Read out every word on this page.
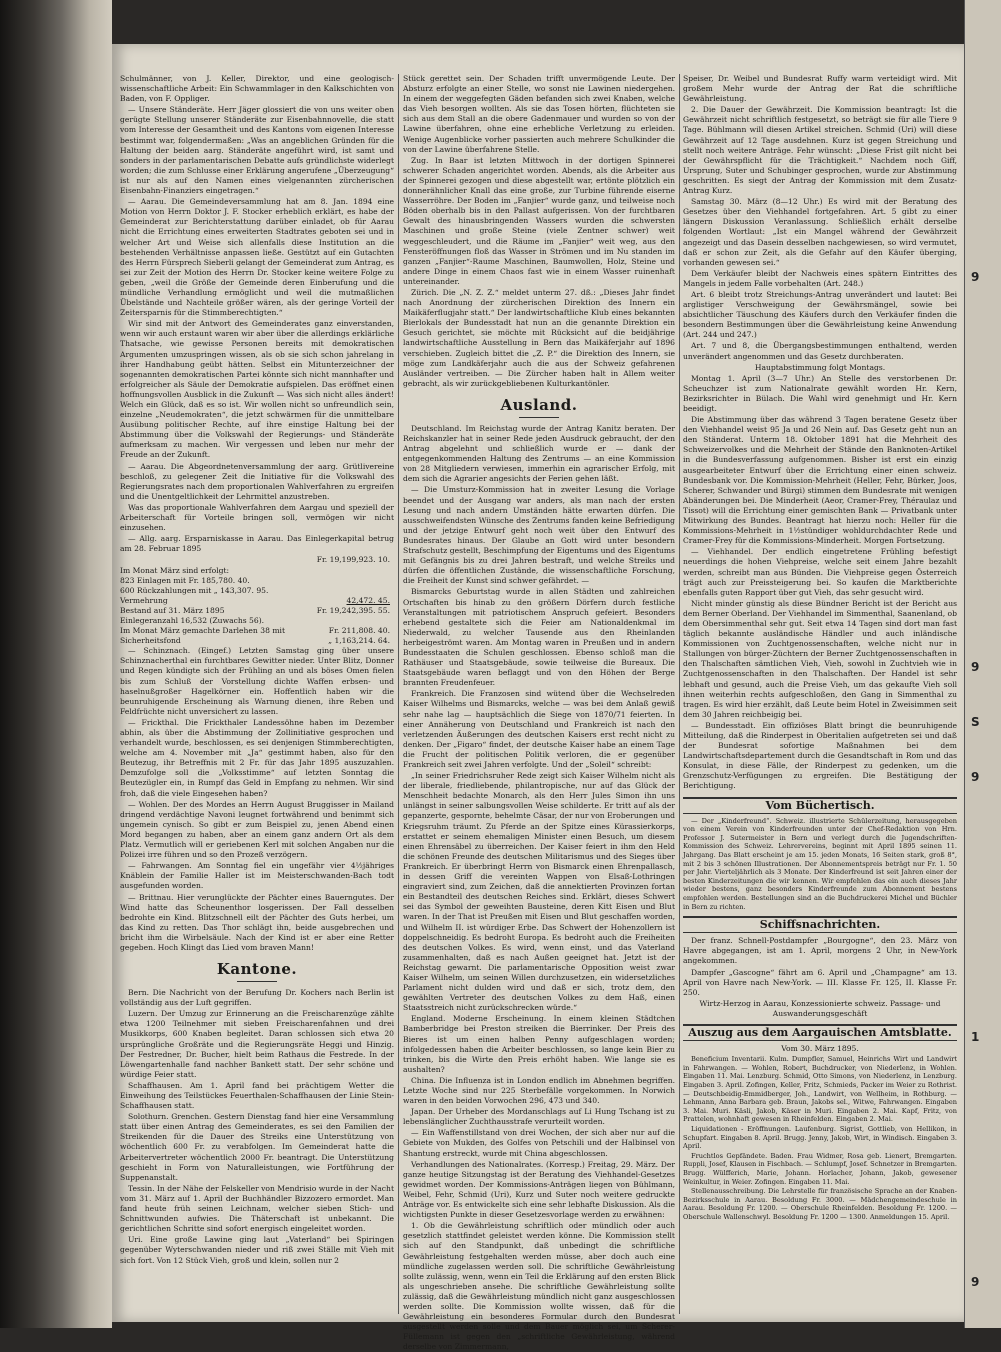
Schulmänner, von J. Keller, Direktor, und eine geologisch-wissenschaftliche Arbeit: Ein Schwammlager in den Kalkschichten von Baden, von F. Oppliger.

— Unsere Ständeräte. Herr Jäger glossiert die von uns weiter oben gerügte Stellung unserer Ständeräte zur Eisenbahnnovelle, die statt vom Interesse der Gesamtheit und des Kantons vom eigenen Interesse bestimmt war, folgendermaßen: „Was an angeblichen Gründen für die Haltung der beiden aarg. Ständeräte angeführt wird, ist samt und sonders in der parlamentarischen Debatte aufs gründlichste widerlegt worden; die zum Schlusse einer Erklärung angerufene „Überzeugung“ ist nur als auf den Namen eines vielgenannten zürcherischen Eisenbahn-Finanziers eingetragen.“

— Aarau. Die Gemeindeversammlung hat am 8. Jan. 1894 eine Motion von Herrn Doktor J. F. Stocker erheblich erklärt, es habe der Gemeinderat zur Berichterstattung darüber einladet, ob für Aarau nicht die Errichtung eines erweiterten Stadtrates geboten sei und in welcher Art und Weise sich allenfalls diese Institution an die bestehenden Verhältnisse anpassen ließe. Gestützt auf ein Gutachten des Herrn Fürsprech Sieberli gelangt der Gemeinderat zum Antrag, es sei zur Zeit der Motion des Herrn Dr. Stocker keine weitere Folge zu geben, „weil die Größe der Gemeinde deren Einberufung und die mündliche Verhandlung ermöglicht und weil die mutmaßlichen Übelstände und Nachteile größer wären, als der geringe Vorteil der Zeitersparnis für die Stimmberechtigten.“

Wir sind mit der Antwort des Gemeinderates ganz einverstanden, wenn wir auch erstaunt waren wir aber über die allerdings erklärliche Thatsache, wie gewisse Personen bereits mit demokratischen Argumenten umzuspringen wissen, als ob sie sich schon jahrelang in ihrer Handhabung geübt hätten. Selbst ein Mitunterzeichner der sogenannten demokratischen Partei könnte sich nicht mannhafter und erfolgreicher als Säule der Demokratie aufspielen. Das eröffnet einen hoffnungsvollen Ausblick in die Zukunft — Was sich nicht alles ändert! Welch ein Glück, daß es so ist. Wir wollen nicht so unfreundlich sein, einzelne „Neudemokraten“, die jetzt schwärmen für die unmittelbare Ausübung politischer Rechte, auf ihre einstige Haltung bei der Abstimmung über die Volkswahl der Regierungs- und Ständeräte aufmerksam zu machen. Wir vergessen und leben nur mehr der Freude an der Zukunft.

— Aarau. Die Abgeordnetenversammlung der aarg. Grütlivereine beschloß, zu gelegener Zeit die Initiative für die Volkswahl des Regierungsrates nach dem proportionalen Wahlverfahren zu ergreifen und die Unentgeltlichkeit der Lehrmittel anzustreben.

Was das proportionale Wahlverfahren dem Aargau und speziell der Arbeiterschaft für Vorteile bringen soll, vermögen wir nicht einzusehen.

— Allg. aarg. Ersparniskasse in Aarau. Das Einlegerkapital betrug am 28. Februar 1895

Fr. 19,199,923. 10.
Im Monat März sind erfolgt:
823 Einlagen mit Fr. 185,780. 40.
600 Rückzahlungen mit „ 143,307. 95.
Vermehrung	42,472. 45.
Bestand auf 31. März 1895	Fr. 19,242,395. 55.
Einlegeranzahl 16,532 (Zuwachs 56).
Im Monat März gemachte Darlehen 38 mit	Fr. 211,808. 40.
Sicherheitsfond	„ 1,163,214. 64.

— Schinznach. (Eingef.) Letzten Samstag ging über unsere Schinznacherthal ein furchtbares Gewitter nieder. Unter Blitz, Donner und Regen kündigte sich der Frühling an und als böses Omen fielen bis zum Schluß der Vorstellung dichte Waffen erbsen- und haselnußgroßer Hagelkörner ein. Hoffentlich haben wir die beunruhigende Erscheinung als Warnung dienen, ihre Reben und Feldfrüchte nicht unversichert zu lassen.

— Frickthal. Die Frickthaler Landessöhne haben im Dezember abhin, als über die Abstimmung der Zollinitiative gesprochen und verhandelt wurde, beschlossen, es sei denjenigen Stimmberechtigten, welche am 4. November mit „Ja“ gestimmt haben, also für den Beutezug, ihr Betreffnis mit 2 Fr. für das Jahr 1895 auszuzahlen. Demzufolge soll die „Volksstimme“ auf letzten Sonntag die Beutezügler ein, in Rumpf das Geld in Empfang zu nehmen. Wir sind froh, daß die viele Eingesehen haben?

— Wohlen. Der des Mordes an Herrn August Bruggisser in Mailand dringend verdächtige Navoni leugnet fortwährend und benimmt sich ungemein cynisch. So gibt er zum Beispiel zu, jenen Abend einen Mord begangen zu haben, aber an einem ganz andern Ort als dem Platz. Vermutlich will er geriebenen Kerl mit solchen Angaben nur die Polizei irre führen und so den Prozeß verzögern.

— Fahrwangen. Am Sonntag fiel ein ungefähr vier 4½jähriges Knäblein der Familie Haller ist im Meisterschwanden-Bach todt ausgefunden worden.

— Brittnau. Hier verunglückte der Pächter eines Bauerngutes. Der Wind hatte das Scheunenthor losgerissen. Der Fall desselben bedrohte ein Kind. Blitzschnell eilt der Pächter des Guts herbei, um das Kind zu retten. Das Thor schlägt ihn, beide ausgebrechen und bricht ihm die Wirbelsäule. Nach der Kind ist er aber eine Retter gegeben. Hoch Klingt das Lied vom braven Mann!

Kantone.

Bern. Die Nachricht von der Berufung Dr. Kochers nach Berlin ist vollständig aus der Luft gegriffen.

Luzern. Der Umzug zur Erinnerung an die Freischarenzüge zählte etwa 1200 Teilnehmer mit sieben Freischarenfahnen und drei Musikkorps, 600 Knaben begleitet. Daran schlossen sich etwa 20 ursprüngliche Großräte und die Regierungsräte Heggi und Hinzig. Der Festredner, Dr. Bucher, hielt beim Rathaus die Festrede. In der Löwengartenhalle fand nachher Bankett statt. Der sehr schöne und würdige Feier statt.

Schaffhausen. Am 1. April fand bei prächtigem Wetter die Einweihung des Teilstückes Feuerthalen-Schaffhausen der Linie Stein-Schaffhausen statt.

Solothurn. Grenchen. Gestern Dienstag fand hier eine Versammlung statt über einen Antrag des Gemeinderates, es sei den Familien der Streikenden für die Dauer des Streiks eine Unterstützung von wöchentlich 600 Fr. zu verabfolgen. Im Gemeinderat hatte die Arbeitervertreter wöchentlich 2000 Fr. beantragt. Die Unterstützung geschieht in Form von Naturalleistungen, wie Fortführung der Suppenanstalt.

Tessin. In der Nähe der Felskeller von Mendrisio wurde in der Nacht vom 31. März auf 1. April der Buchhändler Bizzozero ermordet. Man fand heute früh seinen Leichnam, welcher sieben Stich- und Schnittwunden aufwies. Die Thäterschaft ist unbekannt. Die gerichtlichen Schritte sind sofort energisch eingeleitet worden.

Uri. Eine große Lawine ging laut „Vaterland“ bei Spiringen gegenüber Wyterschwanden nieder und riß zwei Ställe mit Vieh mit sich fort. Von 12 Stück Vieh, groß und klein, sollen nur 2

Stück gerettet sein. Der Schaden trifft unvermögende Leute. Der Absturz erfolgte an einer Stelle, wo sonst nie Lawinen niedergehen. In einem der weggefegten Gäden befanden sich zwei Knaben, welche das Vieh besorgen wollten. Als sie das Tosen hörten, flüchteten sie sich aus dem Stall an die obere Gadenmauer und wurden so von der Lawine überfahren, ohne eine erhebliche Verletzung zu erleiden. Wenige Augenblicke vorher passierten auch mehrere Schulkinder die von der Lawine überfahrene Stelle.

Zug. In Baar ist letzten Mittwoch in der dortigen Spinnerei schwerer Schaden angerichtet worden. Abends, als die Arbeiter aus der Spinnerei gezogen und diese abgestellt war, ertönte plötzlich ein donnerähnlicher Knall das eine große, zur Turbine führende eiserne Wasserröhre. Der Boden im „Fanjier“ wurde ganz, und teilweise noch Böden oberhalb bis in den Pallast aufgerissen. Von der furchtbaren Gewalt des hinausbringenden Wassers wurden die schwersten Maschinen und große Steine (viele Zentner schwer) weit weggeschleudert, und die Räume im „Fanjier“ weit weg, aus den Fensteröffnungen floß das Wasser in Strömen und im Nu standen im ganzen „Fanjier“-Raume Maschinen, Baumwollen, Holz, Steine und andere Dinge in einem Chaos fast wie in einem Wasser ruinenhaft untereinander.

Zürich. Die „N. Z. Z.“ meldet unterm 27. dß.: „Dieses Jahr findet nach Anordnung der zürcherischen Direktion des Innern ein Maikäferflugjahr statt.“ Der landwirtschaftliche Klub eines bekannten Bierlokals der Bundesstadt hat nun an die genannte Direktion ein Gesuch gerichtet, sie möchte mit Rücksicht auf die beidjährige landwirtschaftliche Ausstellung in Bern das Maikäferjahr auf 1896 verschieben. Zugleich bittet die „Z. P.“ die Direktion des Innern, sie möge zum Landkäferjahr auch die aus der Schweiz gefahrenen Ausländer vertreiben. — Die Zürcher haben halt in Allem weiter gebracht, als wir zurückgebliebenen Kulturkantönler.

Ausland.

Deutschland. Im Reichstag wurde der Antrag Kanitz beraten. Der Reichskanzler hat in seiner Rede jeden Ausdruck gebraucht, der den Antrag abgelehnt und schließlich wurde er — dank der entgegenkommenden Haltung des Zentrums — an eine Kommission von 28 Mitgliedern verwiesen, immerhin ein agrarischer Erfolg, mit dem sich die Agrarier angesichts der Ferien gehen läßt.

— Die Umsturz-Kommission hat in zweiter Lesung die Vorlage beendet und der Ausgang war anders, als man nach der ersten Lesung und nach andern Umständen hätte erwarten dürfen. Die ausschweifendsten Wünsche des Zentrums fanden keine Befriedigung und der jetzige Entwurf geht noch weit über den Entwurf des Bundesrates hinaus. Der Glaube an Gott wird unter besondern Strafschutz gestellt, Beschimpfung der Eigentums und des Eigentums mit Gefängnis bis zu drei Jahren bestraft, und welche Streiks und dürfen die öffentlichen Zustände, die wissenschaftliche Forschung, die Freiheit der Kunst sind schwer gefährdet. —

Bismarcks Geburtstag wurde in allen Städten und zahlreichen Ortschaften bis hinab zu den größern Dörfern durch festliche Veranstaltungen mit patriotischem Anspruch gefeiert. Besonders erhebend gestaltete sich die Feier am Nationaldenkmal im Niederwald, zu welcher Tausende aus den Rheinlanden herbeigeströmt waren. Am Montag waren in Preußen und in andern Bundesstaaten die Schulen geschlossen. Ebenso schloß man die Rathäuser und Staatsgebäude, sowie teilweise die Bureaux. Die Staatsgebäude waren beflaggt und von den Höhen der Berge brannten Freudenfeuer.

Frankreich. Die Franzosen sind wütend über die Wechselreden Kaiser Wilhelms und Bismarcks, welche — was bei dem Anlaß gewiß sehr nahe lag — hauptsächlich die Siege von 1870/71 feierten. In einer Annäherung von Deutschland und Frankreich ist nach den verletzenden Äußerungen des deutschen Kaisers erst recht nicht zu denken. Der „Figaro“ findet, der deutsche Kaiser habe an einem Tage die Frucht der politischen Politik verloren, die er gegenüber Frankreich seit zwei Jahren verfolgte. Und der „Soleil“ schreibt:

„In seiner Friedrichsruher Rede zeigt sich Kaiser Wilhelm nicht als der liberale, friedliebende, philantropische, nur auf das Glück der Menschheit bedachte Monarch, als den Herr Jules Simon ihn uns unlängst in seiner salbungsvollen Weise schilderte. Er tritt auf als der gepanzerte, gespornte, behelmte Cäsar, der nur von Eroberungen und Kriegsruhm träumt. Zu Pferde an der Spitze eines Kürassierkorps, erstattet er seinem ehemaligen Minister einen Besuch, um diesem einen Ehrensäbel zu überreichen. Der Kaiser feiert in ihm den Held die schönen Freunde des deutschen Militarismus und des Sieges über Frankreich. Er überbringt Herrn von Bismarck einen Ehrenpallasch, in dessen Griff die vereinten Wappen von Elsaß-Lothringen eingraviert sind, zum Zeichen, daß die annektierten Provinzen fortan ein Bestandteil des deutschen Reiches sind. Erklärt, dieses Schwert sei das Symbol der geweihten Bausteine, deren Kitt Eisen und Blut waren. In der That ist Preußen mit Eisen und Blut geschaffen worden, und Wilhelm II. ist würdiger Erbe. Das Schwert der Hohenzollern ist doppelschneidig. Es bedroht Europa. Es bedroht auch die Freiheiten des deutschen Volkes. Es wird, wenn einst, und das Vaterland zusammenhalten, daß es nach Außen geeignet hat. Jetzt ist der Reichstag gewarnt. Die parlamentarische Opposition weist zwar Kaiser Wilhelm, um seinen Willen durchzusetzen, ein widersetzliches Parlament nicht dulden wird und daß er sich, trotz dem, den gewählten Vertreter des deutschen Volkes zu dem Haß, einen Staatsstreich nicht zurückschrecken würde.“

England. Moderne Erscheinung. In einem kleinen Städtchen Bamberbridge bei Preston streiken die Bierrinker. Der Preis des Bieres ist um einen halben Penny aufgeschlagen worden; infolgedessen haben die Arbeiter beschlossen, so lange kein Bier zu trinken, bis die Wirte den Preis erhöht haben. Wie lange sie es aushalten?

China. Die Influenza ist in London endlich im Abnehmen begriffen. Letzte Woche sind nur 225 Sterbefälle vorgekommen. In Norwich waren in den beiden Vorwochen 296, 473 und 340.

Japan. Der Urheber des Mordanschlags auf Li Hung Tschang ist zu lebenslänglicher Zuchthausstrafe verurteilt worden.

— Ein Waffenstillstand von drei Wochen, der sich aber nur auf die Gebiete von Mukden, des Golfes von Petschili und der Halbinsel von Shantung erstreckt, wurde mit China abgeschlossen.

Verhandlungen des Nationalrates. (Korresp.) Freitag, 29. März. Der ganze heutige Sitzungstag ist der Beratung des Viehhandel-Gesetzes gewidmet worden. Der Kommissions-Anträgen liegen von Bühlmann, Weibel, Fehr, Schmid (Uri), Kurz und Suter noch weitere gedruckte Anträge vor. Es entwickelte sich eine sehr lebhafte Diskussion. Als die wichtigsten Punkte in dieser Gesetzesvorlage werden zu erwähnen:

1. Ob die Gewährleistung schriftlich oder mündlich oder auch gesetzlich stattfindet geleistet werden könne. Die Kommission stellt sich auf den Standpunkt, daß unbedingt die schriftliche Gewährleistung festgehalten werden müsse, aber doch auch eine mündliche zugelassen werden soll. Die schriftliche Gewährleistung sollte zulässig, wenn, wenn ein Teil die Erklärung auf den ersten Blick als ungeschrieben ansehe. Die schriftliche Gewährleistung sollte zulässig, daß die Gewährleistung mündlich nicht ganz ausgeschlossen werden sollte. Die Kommission wollte wissen, daß für die Gewährleistung ein besonderes Formular durch den Bundesrat ausgestellt werden solle und dem Bauer möglich sei, um Scherer-Füllemann ist gegen den „schriftliche Gewährleistung, während derselbe von Zimmermann,

Speiser, Dr. Weibel und Bundesrat Ruffy warm verteidigt wird. Mit großem Mehr wurde der Antrag der Rat die schriftliche Gewährleistung.

2. Die Dauer der Gewährzeit. Die Kommission beantragt: Ist die Gewährzeit nicht schriftlich festgesetzt, so beträgt sie für alle Tiere 9 Tage. Bühlmann will diesen Artikel streichen. Schmid (Uri) will diese Gewährzeit auf 12 Tage ausdehnen. Kurz ist gegen Streichung und stellt noch weitere Anträge. Fehr wünscht: „Diese Frist gilt nicht bei der Gewährspflicht für die Trächtigkeit.“ Nachdem noch Giff, Ursprung, Suter und Schubinger gesprochen, wurde zur Abstimmung geschritten. Es siegt der Antrag der Kommission mit dem Zusatz-Antrag Kurz.

Samstag 30. März (8—12 Uhr.) Es wird mit der Beratung des Gesetzes über den Viehhandel fortgefahren. Art. 5 gibt zu einer längern Diskussion Veranlassung. Schließlich erhält derselbe folgenden Wortlaut: „Ist ein Mangel während der Gewährzeit angezeigt und das Dasein desselben nachgewiesen, so wird vermutet, daß er schon zur Zeit, als die Gefahr auf den Käufer überging, vorhanden gewesen sei.“

Dem Verkäufer bleibt der Nachweis eines spätern Eintrittes des Mangels in jedem Falle vorbehalten (Art. 248.)

Art. 6 bleibt trotz Streichungs-Antrag unverändert und lautet: Bei arglistiger Verschweigung der Gewährsmängel, sowie bei absichtlicher Täuschung des Käufers durch den Verkäufer finden die besondern Bestimmungen über die Gewährleistung keine Anwendung (Art. 244 und 247.)

Art. 7 und 8, die Übergangsbestimmungen enthaltend, werden unverändert angenommen und das Gesetz durchberaten.

Hauptabstimmung folgt Montags.

Montag 1. April (3—7 Uhr.) An Stelle des verstorbenen Dr. Scheuchzer ist zum Nationalrate gewählt worden Hr. Kern, Bezirksrichter in Bülach. Die Wahl wird genehmigt und Hr. Kern beeidigt.

Die Abstimmung über das während 3 Tagen beratene Gesetz über den Viehhandel weist 95 Ja und 26 Nein auf. Das Gesetz geht nun an den Ständerat. Unterm 18. Oktober 1891 hat die Mehrheit des Schweizervolkes und die Mehrheit der Stände den Banknoten-Artikel in die Bundesverfassung aufgenommen. Bisher ist erst ein einzig ausgearbeiteter Entwurf über die Errichtung einer einen schweiz. Bundesbank vor. Die Kommission-Mehrheit (Heller, Fehr, Bürker, Joos, Scherer, Schwander und Bürgi) stimmen dem Bundesrate mit wenigen Abänderungen bei. Die Minderheit (Aeor, Cramer-Frey, Théraulaz und Tissot) will die Errichtung einer gemischten Bank — Privatbank unter Mitwirkung des Bundes. Beantragt hat hierzu noch: Heller für die Kommissions-Mehrheit in 1½stündiger wohldurchdachter Rede und Cramer-Frey für die Kommissions-Minderheit. Morgen Fortsetzung.

— Viehhandel. Der endlich eingetretene Frühling befestigt neuerdings die hohen Viehpreise, welche seit einem Jahre bezahlt werden, schreibt man aus Bünden. Die Viehpreise gegen Österreich trägt auch zur Preissteigerung bei. So kaufen die Marktberichte ebenfalls guten Rapport über gut Vieh, das sehr gesucht wird.

Nicht minder günstig als diese Bündner Bericht ist der Bericht aus dem Berner Oberland. Der Viehhandel im Simmenthal, Saanenland, ob dem Obersimmenthal sehr gut. Seit etwa 14 Tagen sind dort man fast täglich bekannte ausländische Händler und auch inländische Kommissionen von Zuchtgenossenschaften, welche nicht nur in Stallungen von bürger-Züchtern der Berner Zuchtgenossenschaften in den Thalschaften sämtlichen Vieh, Vieh, sowohl in Zuchtvieh wie in Zuchtgenossenschaften in den Thalschaften. Der Handel ist sehr lebhaft und gesund, auch die Preise Vieh, um das gekaufte Vieh soll ihnen weiterhin rechts aufgeschloßen, den Gang in Simmenthal zu tragen. Es wird hier erzählt, daß Leute beim Hotel in Zweisimmen seit dem 30 Jahren reichbeigig bei.

— Bundesstadt. Ein offiziöses Blatt bringt die beunruhigende Mitteilung, daß die Rinderpest in Oberitalien aufgetreten sei und daß der Bundesrat sofortige Maßnahmen bei dem Landwirtschaftsdepartement durch die Gesandtschaft in Rom und das Konsulat, in diese Fälle, der Rinderpest zu gedenken, um die Grenzschutz-Verfügungen zu ergreifen. Die Bestätigung der Berichtigung.

Vom Büchertisch.

— Der „Kinderfreund“. Schweiz. illustrierte Schülerzeitung, herausgegeben von einem Verein von Kinderfreunden unter der Chef-Redaktion von Hrn. Professor J. Sutermeister in Bern und verlegt durch die Jugendschriften-Kommission des Schweiz. Lehrervereins, beginnt mit April 1895 seinen 11. Jahrgang. Das Blatt erscheint je am 15. jeden Monats, 16 Seiten stark, groß 8°, mit 2 bis 3 schönen Illustrationen. Der Abonnementspreis beträgt nur Fr. 1. 50 per Jahr. Vierteljährlich als 3 Monate. Der Kinderfreund ist seit Jahren einer der besten Kinderzeitungen die wir kennen. Wir empfehlen das ein auch dieses Jahr wieder bestens, ganz besonders Kinderfreunde zum Abonnement bestens empfohlen werden. Bestellungen sind an die Buchdruckerei Michel und Büchler in Bern zu richten.

Schiffsnachrichten.

Der franz. Schnell-Postdampfer „Bourgogne“, den 23. März von Havre abgegangen, ist am 1. April, morgens 2 Uhr, in New-York angekommen.

Dampfer „Gascogne“ fährt am 6. April und „Champagne“ am 13. April von Havre nach New-York. — III. Klasse Fr. 125, II. Klasse Fr. 250.

Wirtz-Herzog in Aarau, Konzessionierte schweiz. Passage- und Auswanderungsgeschäft

Auszug aus dem Aargauischen Amtsblatte.

Vom 30. März 1895.

Beneficium Inventarii. Kulm. Dumpfler, Samuel, Heinrichs Wirt und Landwirt in Fahrwangen. — Wohlen, Robert, Buchdrucker, von Niederlenz, in Wohlen. Eingaben 11. Mai. Lenzburg. Schmid, Otto Simons, von Niederlenz, in Lenzburg. Eingaben 3. April. Zofingen, Keller, Fritz, Schmieds, Packer im Weier zu Rothrist. — Deutschbeidig-Emmidberger, Joh., Landwirt, von Wellheim, in Rothburg. — Lehmann, Anna Barbara geb. Braun, Jakobs sel., Witwe, Fahrwangen. Eingaben 3. Mai. Muri. Käsli, Jakob, Käser in Muri. Eingaben 2. Mai. Kapf, Fritz, von Prattelen, wohnhaft gewesen in Rheinfelden. Eingaben 2. Mai.

Liquidationen - Eröffnungen. Laufenburg. Sigrist, Gottlieb, von Hellikon, in Schupfart. Eingaben 8. April. Brugg. Jenny, Jakob, Wirt, in Windisch. Eingaben 3. April.

Fruchtlos Gepfändete. Baden. Frau Widmer, Rosa geb. Lienert, Bremgarten. Ruppli, Josef, Klausen in Fischbach. — Schlumpf, Josef. Schnetzer in Bremgarten. Brugg. Wülfferich, Marie, Johann. Horlacher, Johann, Jakob, gewesener Weinkultur, in Weier. Zofingen. Eingaben 11. Mai.

Stellenausschreibung. Die Lehrstelle für französische Sprache an der Knaben-Bezirksschule in Aarau. Besoldung Fr. 3000. — Mädchengemeindeschule in Aarau. Besoldung Fr. 1200. — Oberschule Rheinfelden. Besoldung Fr. 1200. — Oberschule Wallenschwyl. Besoldung Fr. 1200 — 1300. Anmeldungen 15. April.

9
9
S
9
1
9
